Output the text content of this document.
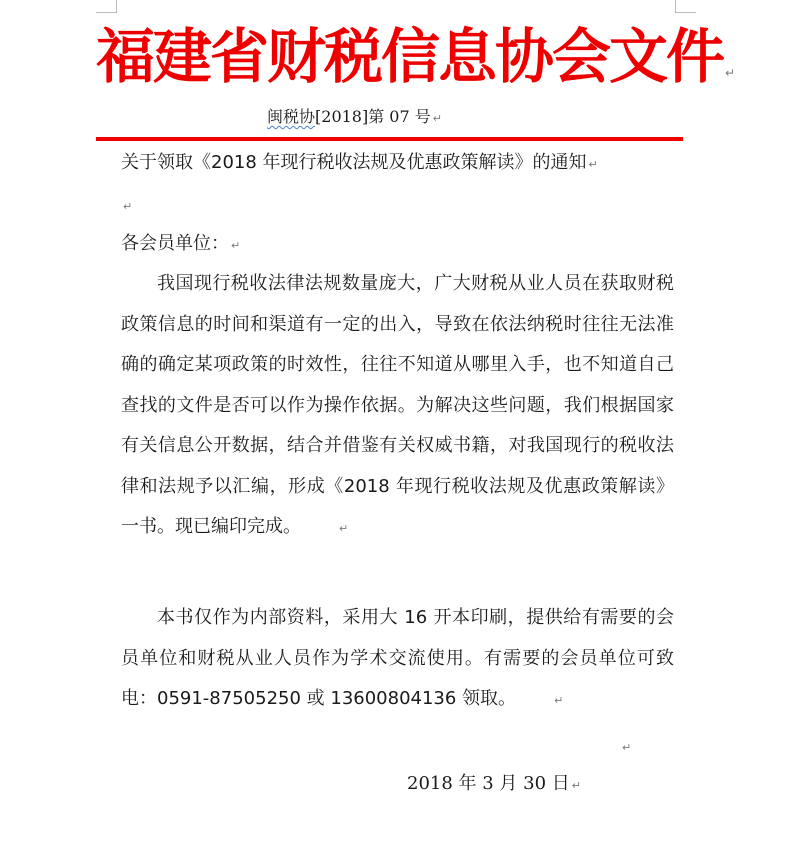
福建省财税信息协会文件 ↵
闽税协[2018]第 07 号 ↵
关于领取《2018 年现行税收法规及优惠政策解读》的通知 ↵
↵
各会员单位： ↵
我国现行税收法律法规数量庞大，广大财税从业人员在获取财税政策信息的时间和渠道有一定的出入，导致在依法纳税时往往无法准确的确定某项政策的时效性，往往不知道从哪里入手，也不知道自己查找的文件是否可以作为操作依据。为解决这些问题，我们根据国家有关信息公开数据，结合并借鉴有关权威书籍，对我国现行的税收法律和法规予以汇编，形成《2018 年现行税收法规及优惠政策解读》一书。现已编印完成。	↵
本书仅作为内部资料，采用大 16 开本印刷，提供给有需要的会员单位和财税从业人员作为学术交流使用。有需要的会员单位可致电：0591-87505250 或 13600804136 领取。	↵
↵
2018 年 3 月 30 日 ↵
